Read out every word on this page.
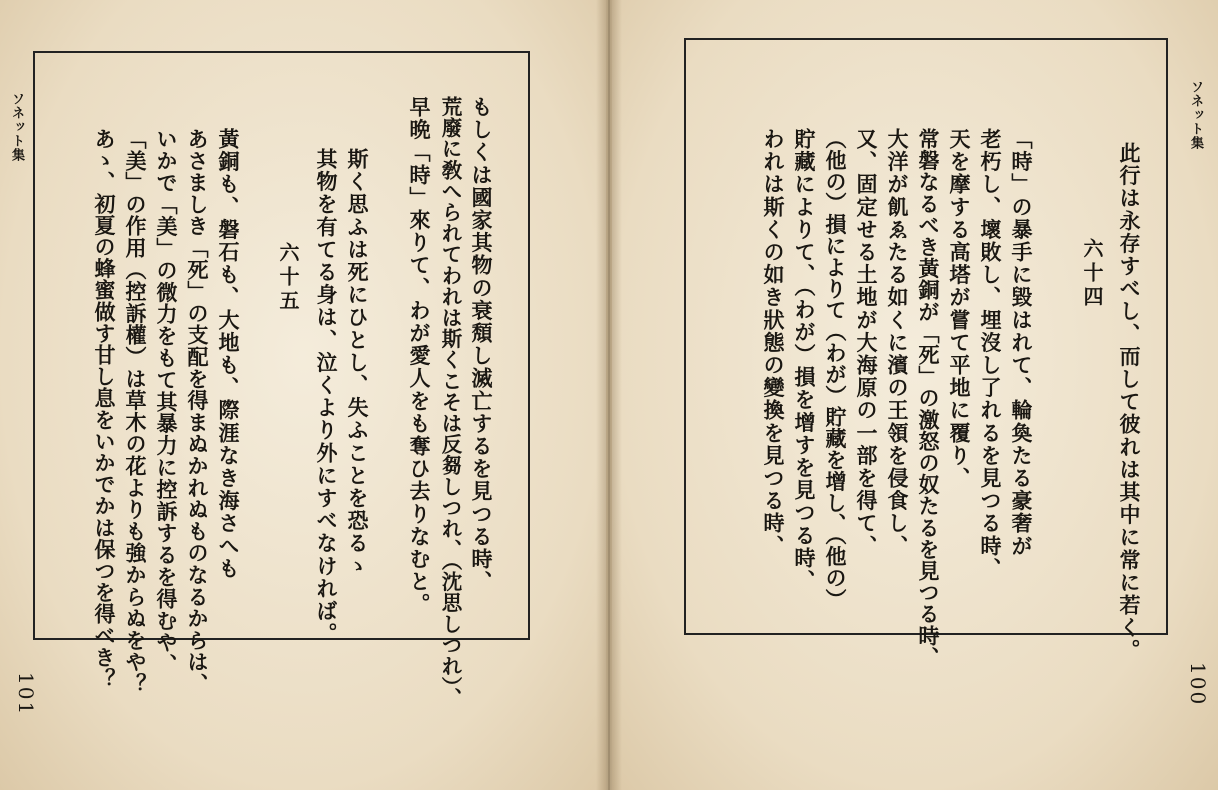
ソネット集	もしくは國家其物の衰頽し滅亡するを見つる時、
荒廢に敎へられてわれは斯くこそは反芻しつれ、（沈思しつれ）、
早晩「時」來りて、わが愛人をも奪ひ去りなむと。
斯く思ふは死にひとし、失ふことを恐るゝ
其物を有てる身は、泣くより外にすべなければ。
六十五
黃銅も、磐石も、大地も、際涯なき海さへも
あさましき「死」の支配を得まぬかれぬものなるからは、
いかで「美」の微力をもて其暴力に控訴するを得むや、
「美」の作用（控訴權）は草木の花よりも強からぬをや？
あゝ、初夏の蜂蜜做す甘し息をいかでかは保つを得べき？
101
ソネット集
此行は永存すべし、而して彼れは其中に常に若く。
六十四
「時」の暴手に毀はれて、輪奐たる豪奢が
老朽し、壞敗し、埋沒し了れるを見つる時、
天を摩する高塔が嘗て平地に覆り、
常磐なるべき黃銅が「死」の激怒の奴たるを見つる時、
大洋が飢ゑたる如くに濱の王領を侵食し、
又、固定せる土地が大海原の一部を得て、
（他の）損によりて（わが）貯藏を增し、（他の）
貯藏によりて、（わが）損を增すを見つる時、
われは斯くの如き狀態の變換を見つる時、
100
